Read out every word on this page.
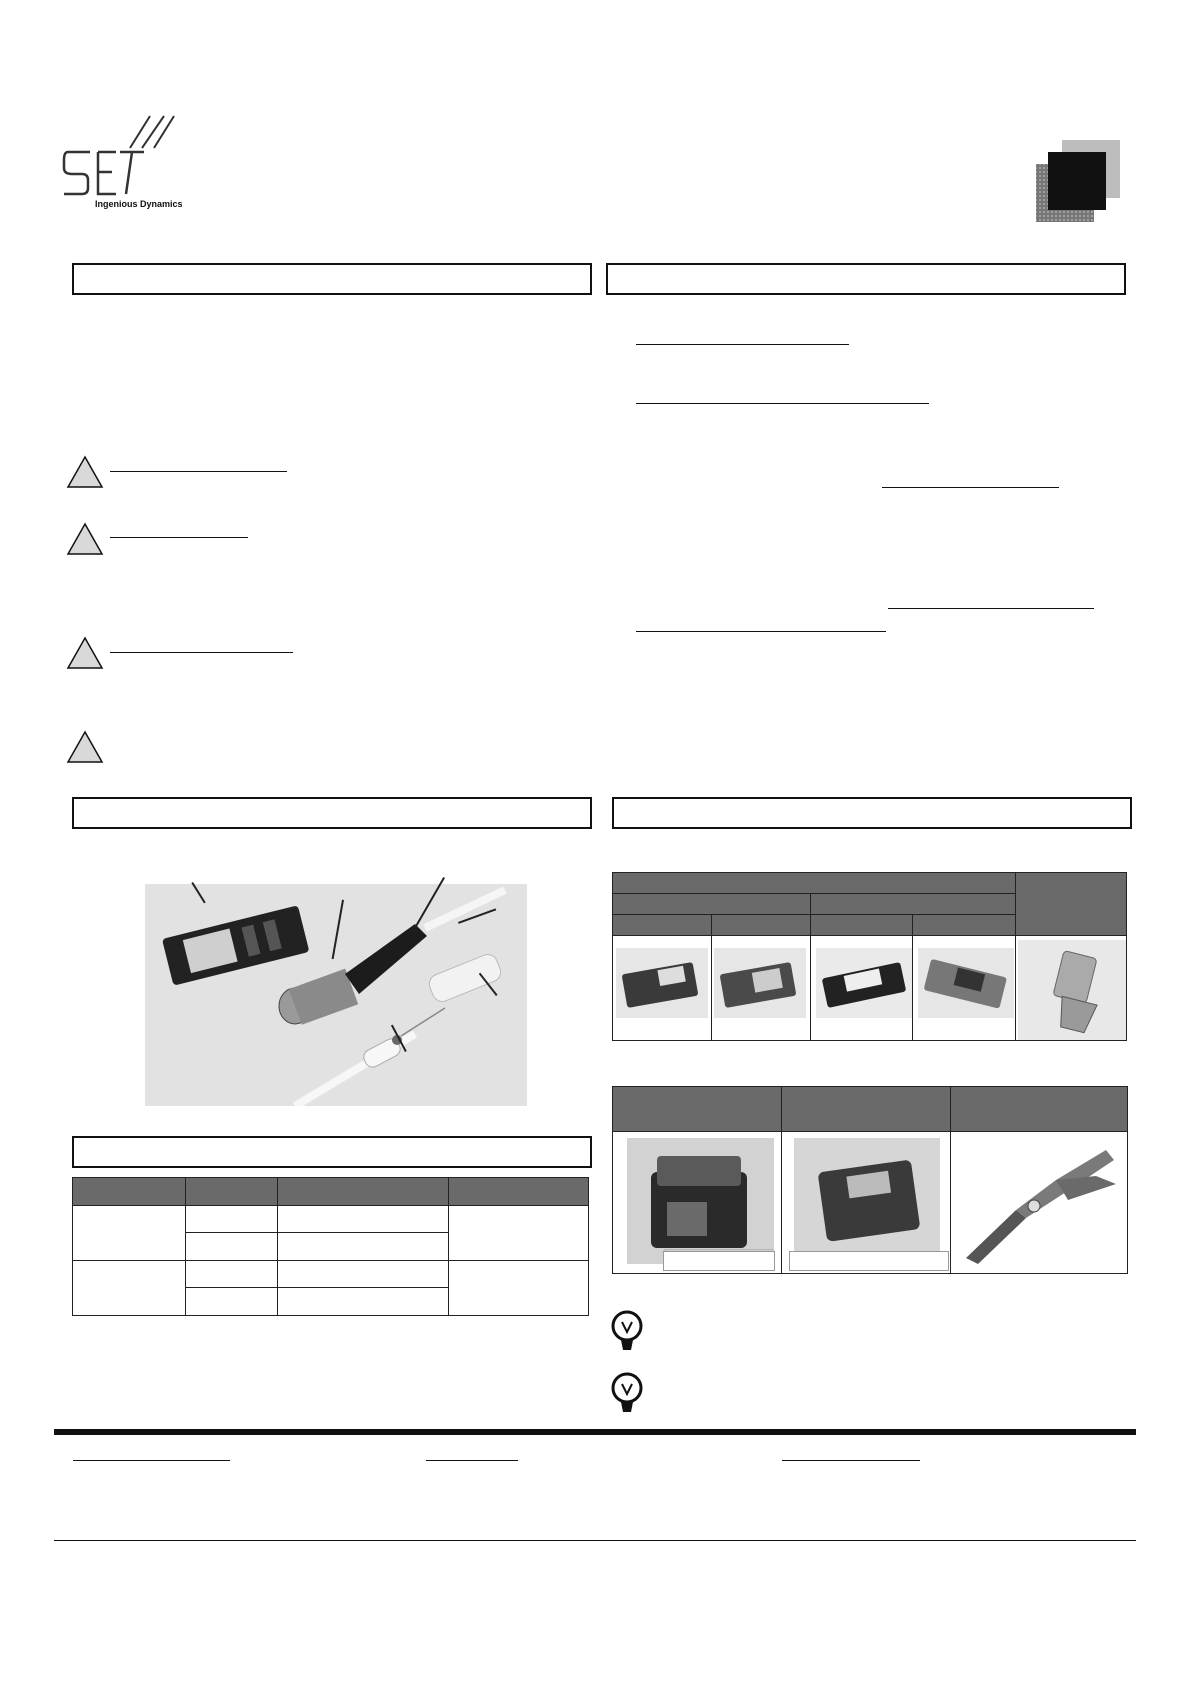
Ingenious Dynamics
